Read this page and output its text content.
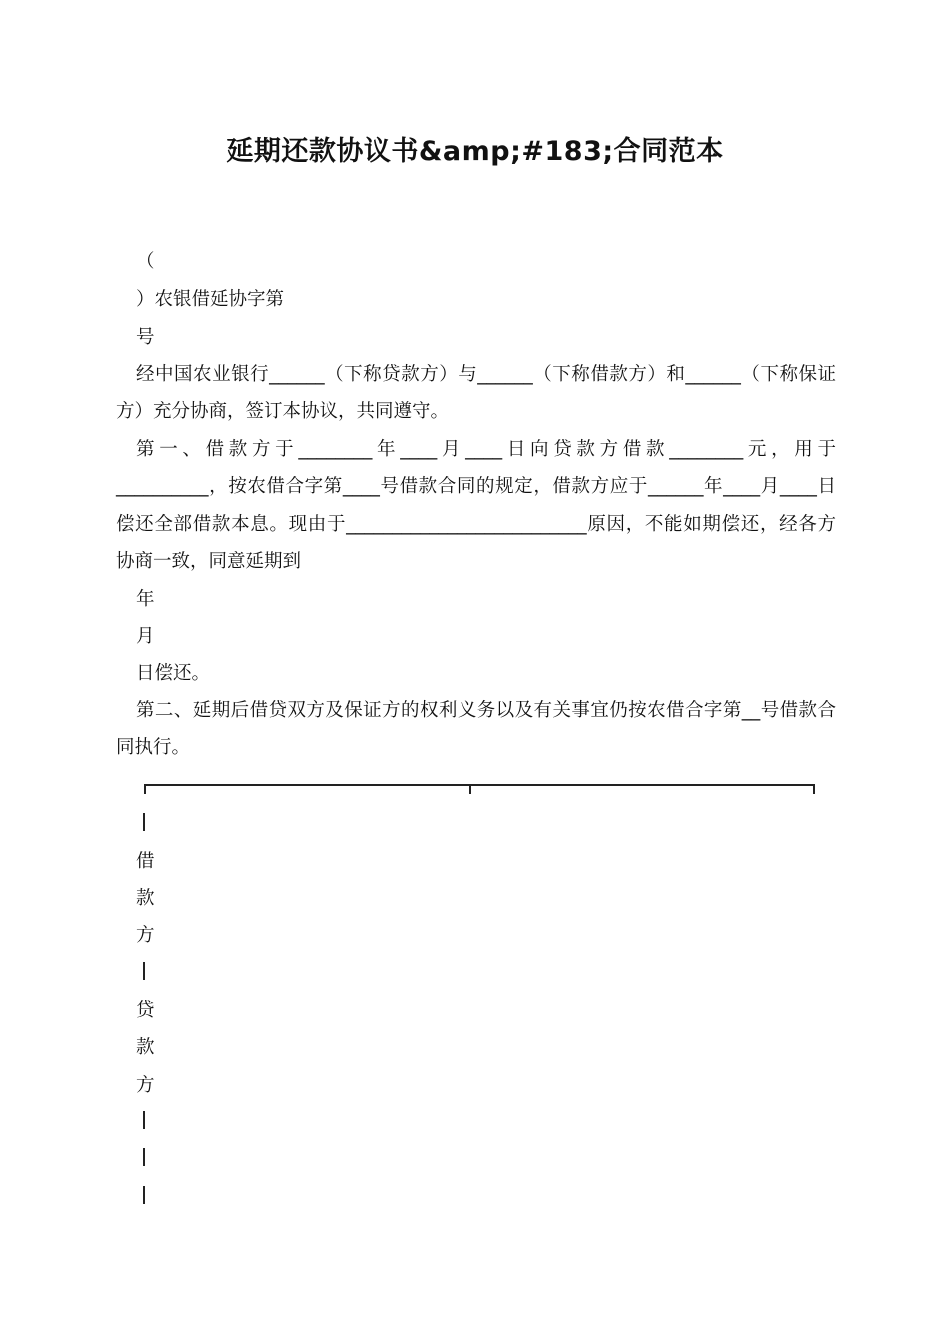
延期还款协议书&amp;#183;合同范本
（
）农银借延协字第
号
经中国农业银行______（下称贷款方）与______（下称借款方）和______（下称保证方）充分协商，签订本协议，共同遵守。
第一、借款方于________年____月____日向贷款方借款________元，用于__________，按农借合字第____号借款合同的规定，借款方应于______年____月____日偿还全部借款本息。现由于__________________________原因，不能如期偿还，经各方协商一致，同意延期到
年
月
日偿还。
第二、延期后借贷双方及保证方的权利义务以及有关事宜仍按农借合字第__号借款合同执行。
借
款
方
贷
款
方
